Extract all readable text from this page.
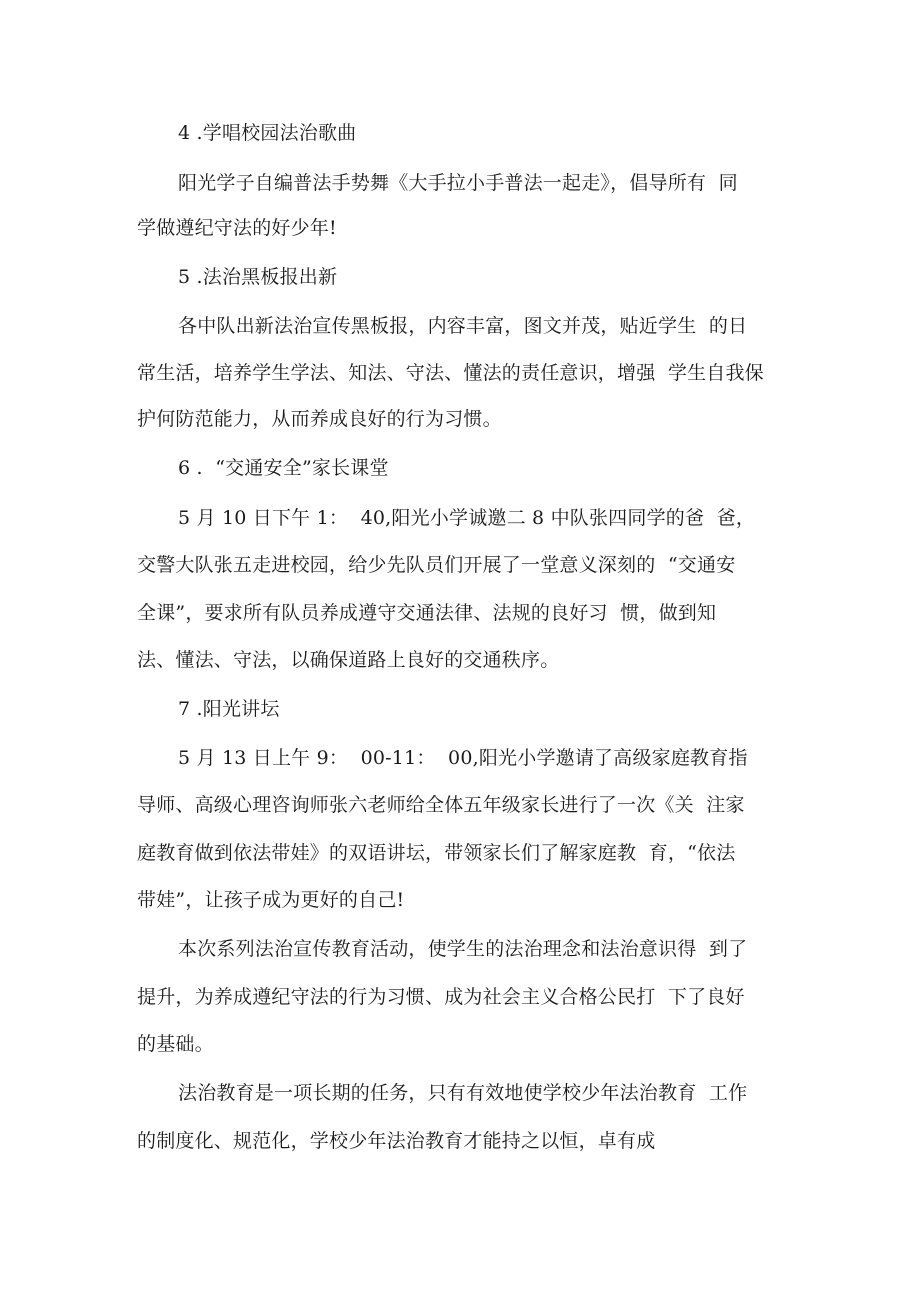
4 .学唱校园法治歌曲
阳光学子自编普法手势舞《大手拉小手普法一起走》，倡导所有  同
学做遵纪守法的好少年!
5 .法治黑板报出新
各中队出新法治宣传黑板报，内容丰富，图文并茂，贴近学生  的日
常生活，培养学生学法、知法、守法、懂法的责任意识，增强  学生自我保
护何防范能力，从而养成良好的行为习惯。
6 .  “交通安全”家长课堂
5 月 10 日下午 1：  40,阳光小学诚邀二 8 中队张四同学的爸  爸，
交警大队张五走进校园，给少先队员们开展了一堂意义深刻的  “交通安
全课”，要求所有队员养成遵守交通法律、法规的良好习  惯，做到知
法、懂法、守法，以确保道路上良好的交通秩序。
7 .阳光讲坛
5 月 13 日上午 9：  00-11：  00,阳光小学邀请了高级家庭教育指
导师、高级心理咨询师张六老师给全体五年级家长进行了一次《关  注家
庭教育做到依法带娃》的双语讲坛，带领家长们了解家庭教  育，“依法
带娃”，让孩子成为更好的自己!
本次系列法治宣传教育活动，使学生的法治理念和法治意识得  到了
提升，为养成遵纪守法的行为习惯、成为社会主义合格公民打  下了良好
的基础。
法治教育是一项长期的任务，只有有效地使学校少年法治教育  工作
的制度化、规范化，学校少年法治教育才能持之以恒，卓有成
